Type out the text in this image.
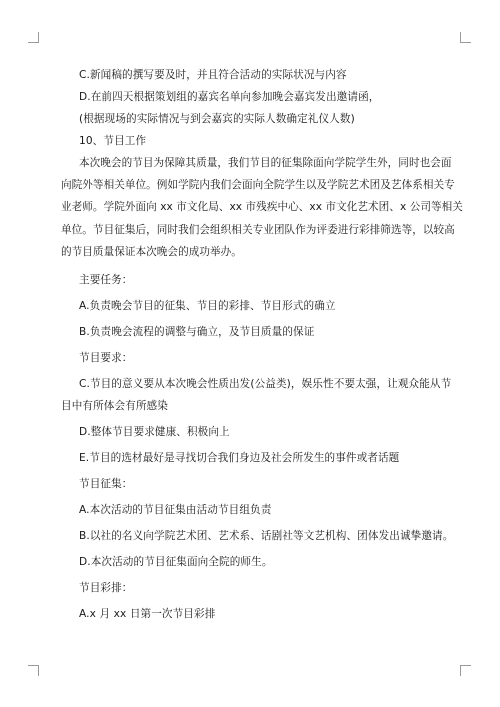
C.新闻稿的撰写要及时，并且符合活动的实际状况与内容
D.在前四天根据策划组的嘉宾名单向参加晚会嘉宾发出邀请函，
(根据现场的实际情况与到会嘉宾的实际人数确定礼仪人数)
10、节目工作
本次晚会的节目为保障其质量，我们节目的征集除面向学院学生外，同时也会面
向院外等相关单位。例如学院内我们会面向全院学生以及学院艺术团及艺体系相关专
业老师。学院外面向 xx 市文化局、xx 市残疾中心、xx 市文化艺术团、x 公司等相关
单位。节目征集后，同时我们会组织相关专业团队作为评委进行彩排筛选等，以较高
的节目质量保证本次晚会的成功举办。
主要任务：
A.负责晚会节目的征集、节目的彩排、节目形式的确立
B.负责晚会流程的调整与确立，及节目质量的保证
节目要求：
C.节目的意义要从本次晚会性质出发(公益类)，娱乐性不要太强，让观众能从节
目中有所体会有所感染
D.整体节目要求健康、积极向上
E.节目的选材最好是寻找切合我们身边及社会所发生的事件或者话题
节目征集：
A.本次活动的节目征集由活动节目组负责
B.以社的名义向学院艺术团、艺术系、话剧社等文艺机构、团体发出诚挚邀请。
D.本次活动的节目征集面向全院的师生。
节目彩排：
A.x 月 xx 日第一次节目彩排
